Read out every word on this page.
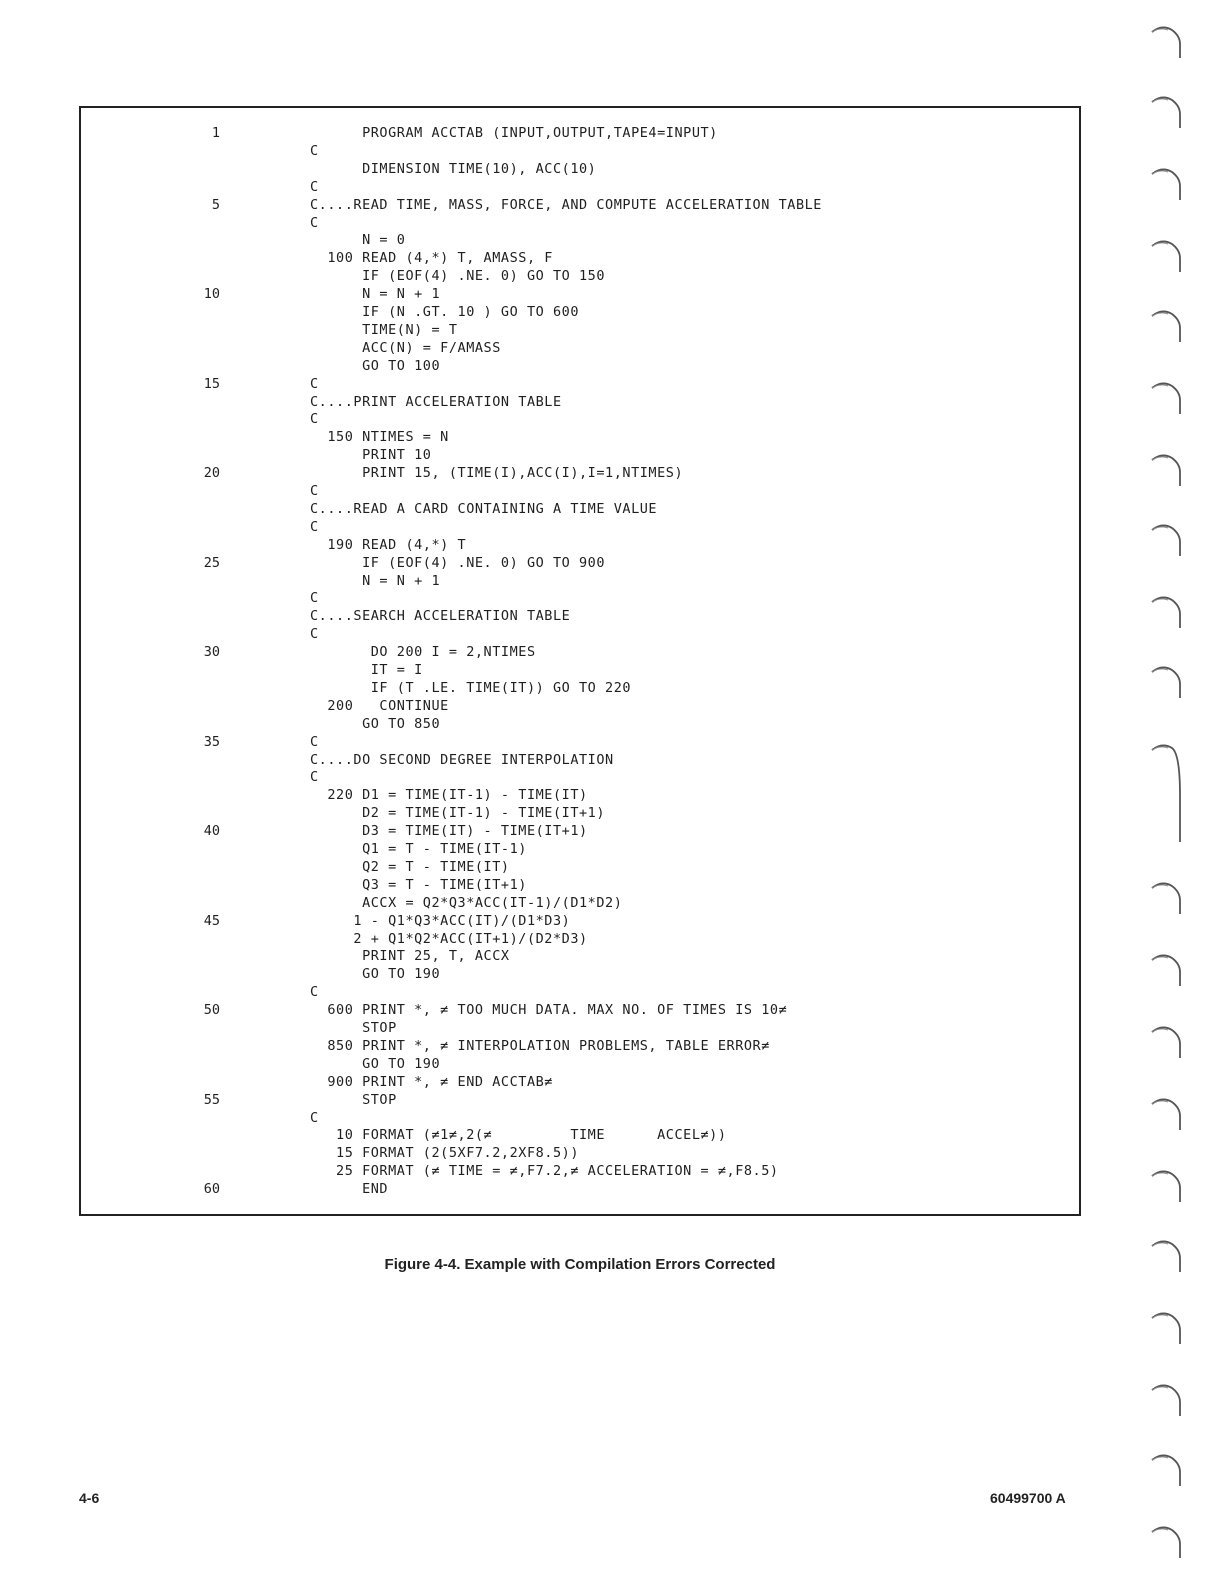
1	PROGRAM ACCTAB (INPUT,OUTPUT,TAPE4=INPUT)
C
DIMENSION TIME(10), ACC(10)
C
5	C....READ TIME, MASS, FORCE, AND COMPUTE ACCELERATION TABLE
C
N = 0
100 READ (4,*) T, AMASS, F
IF (EOF(4) .NE. 0) GO TO 150
10	N = N + 1
IF (N .GT. 10 ) GO TO 600
TIME(N) = T
ACC(N) = F/AMASS
GO TO 100
15	C
C....PRINT ACCELERATION TABLE
C
150 NTIMES = N
PRINT 10
20	PRINT 15, (TIME(I),ACC(I),I=1,NTIMES)
C
C....READ A CARD CONTAINING A TIME VALUE
C
190 READ (4,*) T
25	IF (EOF(4) .NE. 0) GO TO 900
N = N + 1
C
C....SEARCH ACCELERATION TABLE
C
30	DO 200 I = 2,NTIMES
IT = I
IF (T .LE. TIME(IT)) GO TO 220
200   CONTINUE
GO TO 850
35	C
C....DO SECOND DEGREE INTERPOLATION
C
220 D1 = TIME(IT-1) - TIME(IT)
D2 = TIME(IT-1) - TIME(IT+1)
40	D3 = TIME(IT) - TIME(IT+1)
Q1 = T - TIME(IT-1)
Q2 = T - TIME(IT)
Q3 = T - TIME(IT+1)
ACCX = Q2*Q3*ACC(IT-1)/(D1*D2)
45	1 - Q1*Q3*ACC(IT)/(D1*D3)
2 + Q1*Q2*ACC(IT+1)/(D2*D3)
PRINT 25, T, ACCX
GO TO 190
C
50	600 PRINT *, ≠ TOO MUCH DATA. MAX NO. OF TIMES IS 10≠
STOP
850 PRINT *, ≠ INTERPOLATION PROBLEMS, TABLE ERROR≠
GO TO 190
900 PRINT *, ≠ END ACCTAB≠
55	STOP
C
10 FORMAT (≠1≠,2(≠         TIME      ACCEL≠))
15 FORMAT (2(5XF7.2,2XF8.5))
25 FORMAT (≠ TIME = ≠,F7.2,≠ ACCELERATION = ≠,F8.5)
60	END
Figure 4-4. Example with Compilation Errors Corrected
4-6	60499700 A
